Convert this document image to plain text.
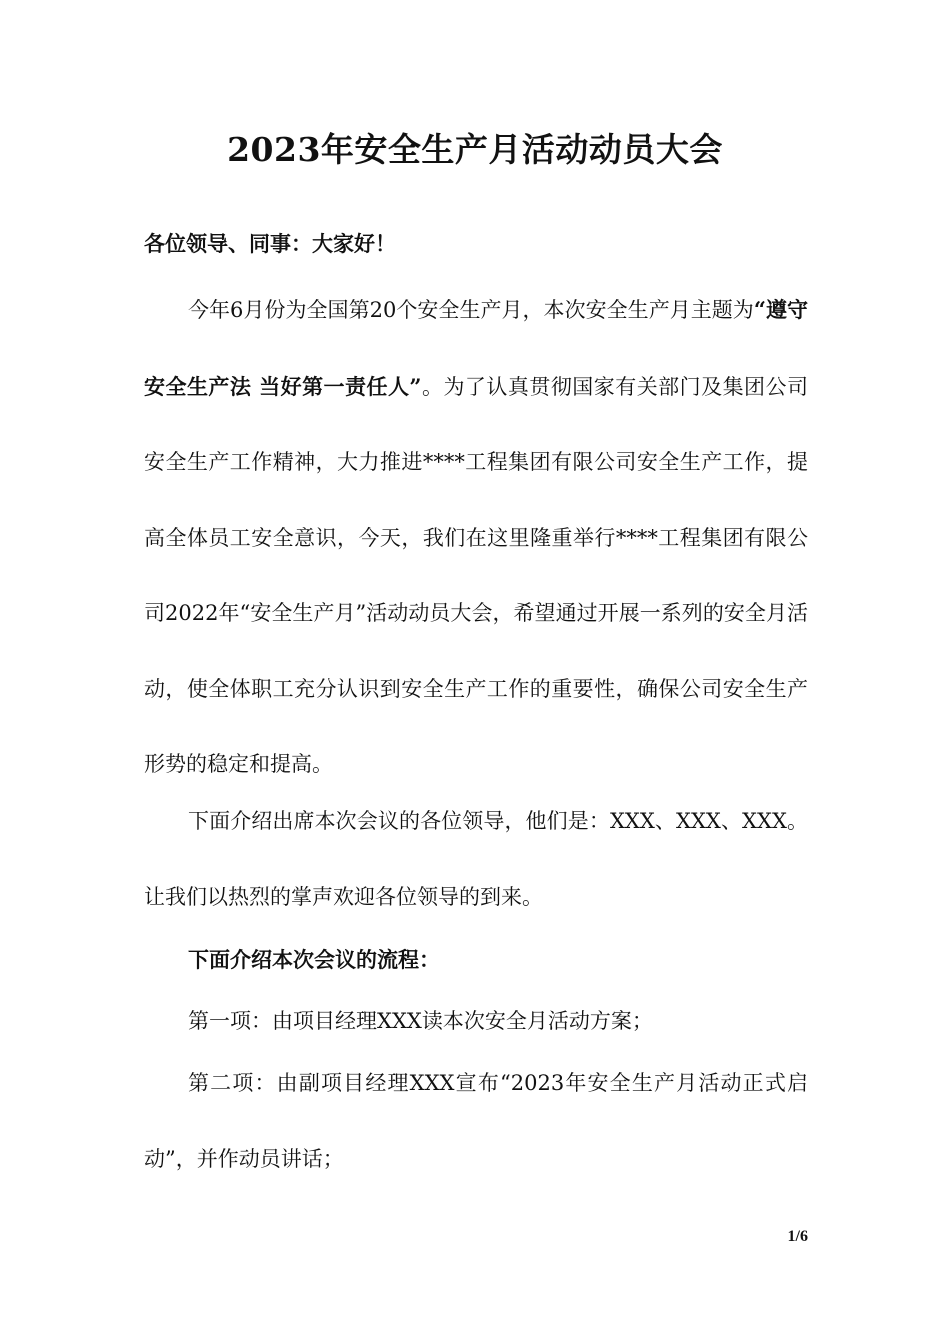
2023年安全生产月活动动员大会

各位领导、同事：大家好！

今年6月份为全国第20个安全生产月，本次安全生产月主题为“遵守安全生产法 当好第一责任人”。为了认真贯彻国家有关部门及集团公司安全生产工作精神，大力推进****工程集团有限公司安全生产工作，提高全体员工安全意识，今天，我们在这里隆重举行****工程集团有限公司2022年“安全生产月”活动动员大会，希望通过开展一系列的安全月活动，使全体职工充分认识到安全生产工作的重要性，确保公司安全生产形势的稳定和提高。

下面介绍出席本次会议的各位领导，他们是：XXX、XXX、XXX。让我们以热烈的掌声欢迎各位领导的到来。

下面介绍本次会议的流程：

第一项：由项目经理XXX读本次安全月活动方案；

第二项：由副项目经理XXX宣布“2023年安全生产月活动正式启动”，并作动员讲话；

1/6
